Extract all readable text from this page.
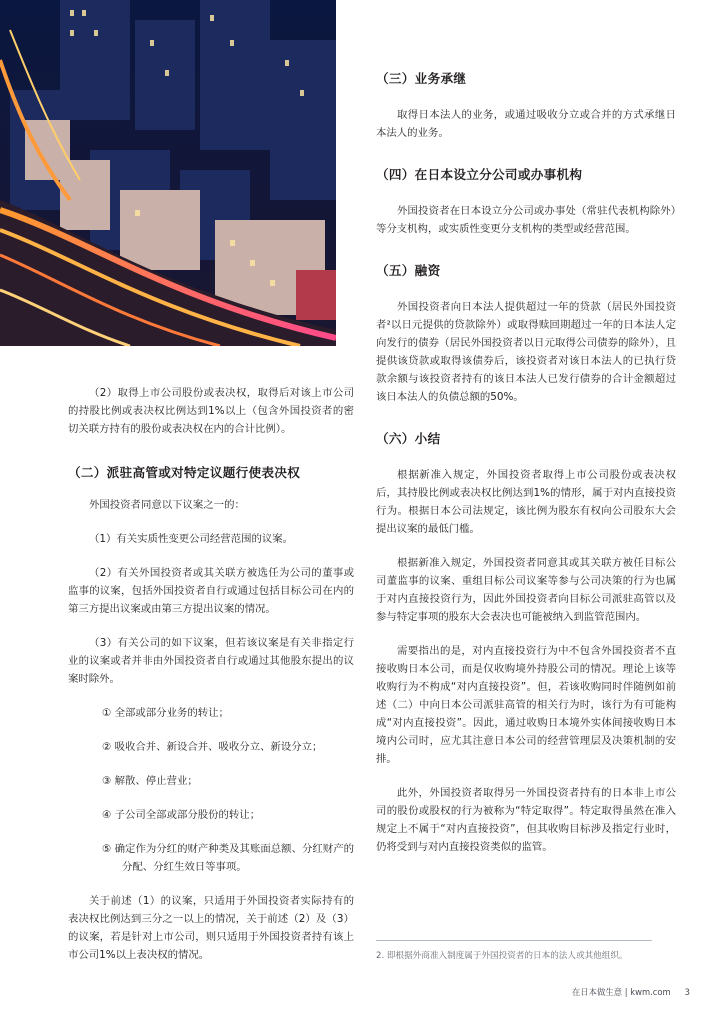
（2）取得上市公司股份或表决权，取得后对该上市公司的持股比例或表决权比例达到1%以上（包含外国投资者的密切关联方持有的股份或表决权在内的合计比例）。

（二）派驻高管或对特定议题行使表决权

外国投资者同意以下议案之一的：

（1）有关实质性变更公司经营范围的议案。

（2）有关外国投资者或其关联方被选任为公司的董事或监事的议案，包括外国投资者自行或通过包括目标公司在内的第三方提出议案或由第三方提出议案的情况。

（3）有关公司的如下议案，但若该议案是有关非指定行业的议案或者并非由外国投资者自行或通过其他股东提出的议案时除外。

① 全部或部分业务的转让；

② 吸收合并、新设合并、吸收分立、新设分立；

③ 解散、停止营业；

④ 子公司全部或部分股份的转让；

⑤ 确定作为分红的财产种类及其账面总额、分红财产的分配、分红生效日等事项。

关于前述（1）的议案，只适用于外国投资者实际持有的表决权比例达到三分之一以上的情况，关于前述（2）及（3）的议案，若是针对上市公司，则只适用于外国投资者持有该上市公司1%以上表决权的情况。

（三）业务承继

取得日本法人的业务，或通过吸收分立或合并的方式承继日本法人的业务。

（四）在日本设立分公司或办事机构

外国投资者在日本设立分公司或办事处（常驻代表机构除外）等分支机构，或实质性变更分支机构的类型或经营范围。

（五）融资

外国投资者向日本法人提供超过一年的贷款（居民外国投资者²以日元提供的贷款除外）或取得赎回期超过一年的日本法人定向发行的债券（居民外国投资者以日元取得公司债券的除外），且提供该贷款或取得该债券后，该投资者对该日本法人的已执行贷款余额与该投资者持有的该日本法人已发行债券的合计金额超过该日本法人的负债总额的50%。

（六）小结

根据新准入规定，外国投资者取得上市公司股份或表决权后，其持股比例或表决权比例达到1%的情形，属于对内直接投资行为。根据日本公司法规定，该比例为股东有权向公司股东大会提出议案的最低门槛。

根据新准入规定，外国投资者同意其或其关联方被任目标公司董监事的议案、重组目标公司议案等参与公司决策的行为也属于对内直接投资行为，因此外国投资者向目标公司派驻高管以及参与特定事项的股东大会表决也可能被纳入到监管范围内。

需要指出的是，对内直接投资行为中不包含外国投资者不直接收购日本公司，而是仅收购境外持股公司的情况。理论上该等收购行为不构成“对内直接投资”。但，若该收购同时伴随例如前述（二）中向日本公司派驻高管的相关行为时，该行为有可能构成“对内直接投资”。因此，通过收购日本境外实体间接收购日本境内公司时，应尤其注意日本公司的经营管理层及决策机制的安排。

此外，外国投资者取得另一外国投资者持有的日本非上市公司的股份或股权的行为被称为“特定取得”。特定取得虽然在准入规定上不属于“对内直接投资”，但其收购目标涉及指定行业时，仍将受到与对内直接投资类似的监管。

2. 即根据外商准入制度属于外国投资者的日本的法人或其他组织。
在日本做生意 | kwm.com 3
